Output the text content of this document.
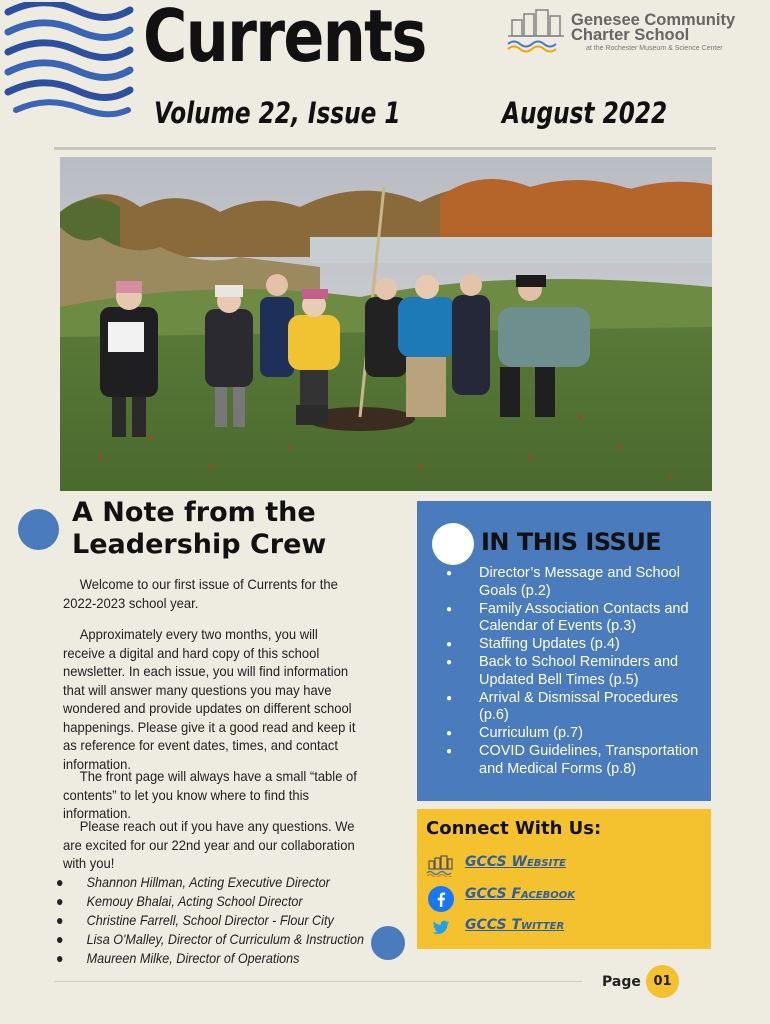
Currents
Volume 22, Issue 1	August 2022
Genesee Community
Charter School
at the Rochester Museum & Science Center
A Note from the
Leadership Crew
Welcome to our first issue of Currents for the 2022-2023 school year.
Approximately every two months, you will receive a digital and hard copy of this school newsletter. In each issue, you will find information that will answer many questions you may have wondered and provide updates on different school happenings. Please give it a good read and keep it as reference for event dates, times, and contact information.
The front page will always have a small “table of contents” to let you know where to find this information.
Please reach out if you have any questions. We are excited for our 22nd year and our collaboration with you!
● Shannon Hillman, Acting Executive Director
● Kemouy Bhalai, Acting School Director
● Christine Farrell, School Director - Flour City
● Lisa O'Malley, Director of Curriculum & Instruction
● Maureen Milke, Director of Operations
IN THIS ISSUE
● Director’s Message and School Goals (p.2)
● Family Association Contacts and Calendar of Events (p.3)
● Staffing Updates (p.4)
● Back to School Reminders and Updated Bell Times (p.5)
● Arrival & Dismissal Procedures (p.6)
● Curriculum (p.7)
● COVID Guidelines, Transportation and Medical Forms (p.8)
Connect With Us:
GCCS Website
GCCS Facebook
GCCS Twitter
Page 01
